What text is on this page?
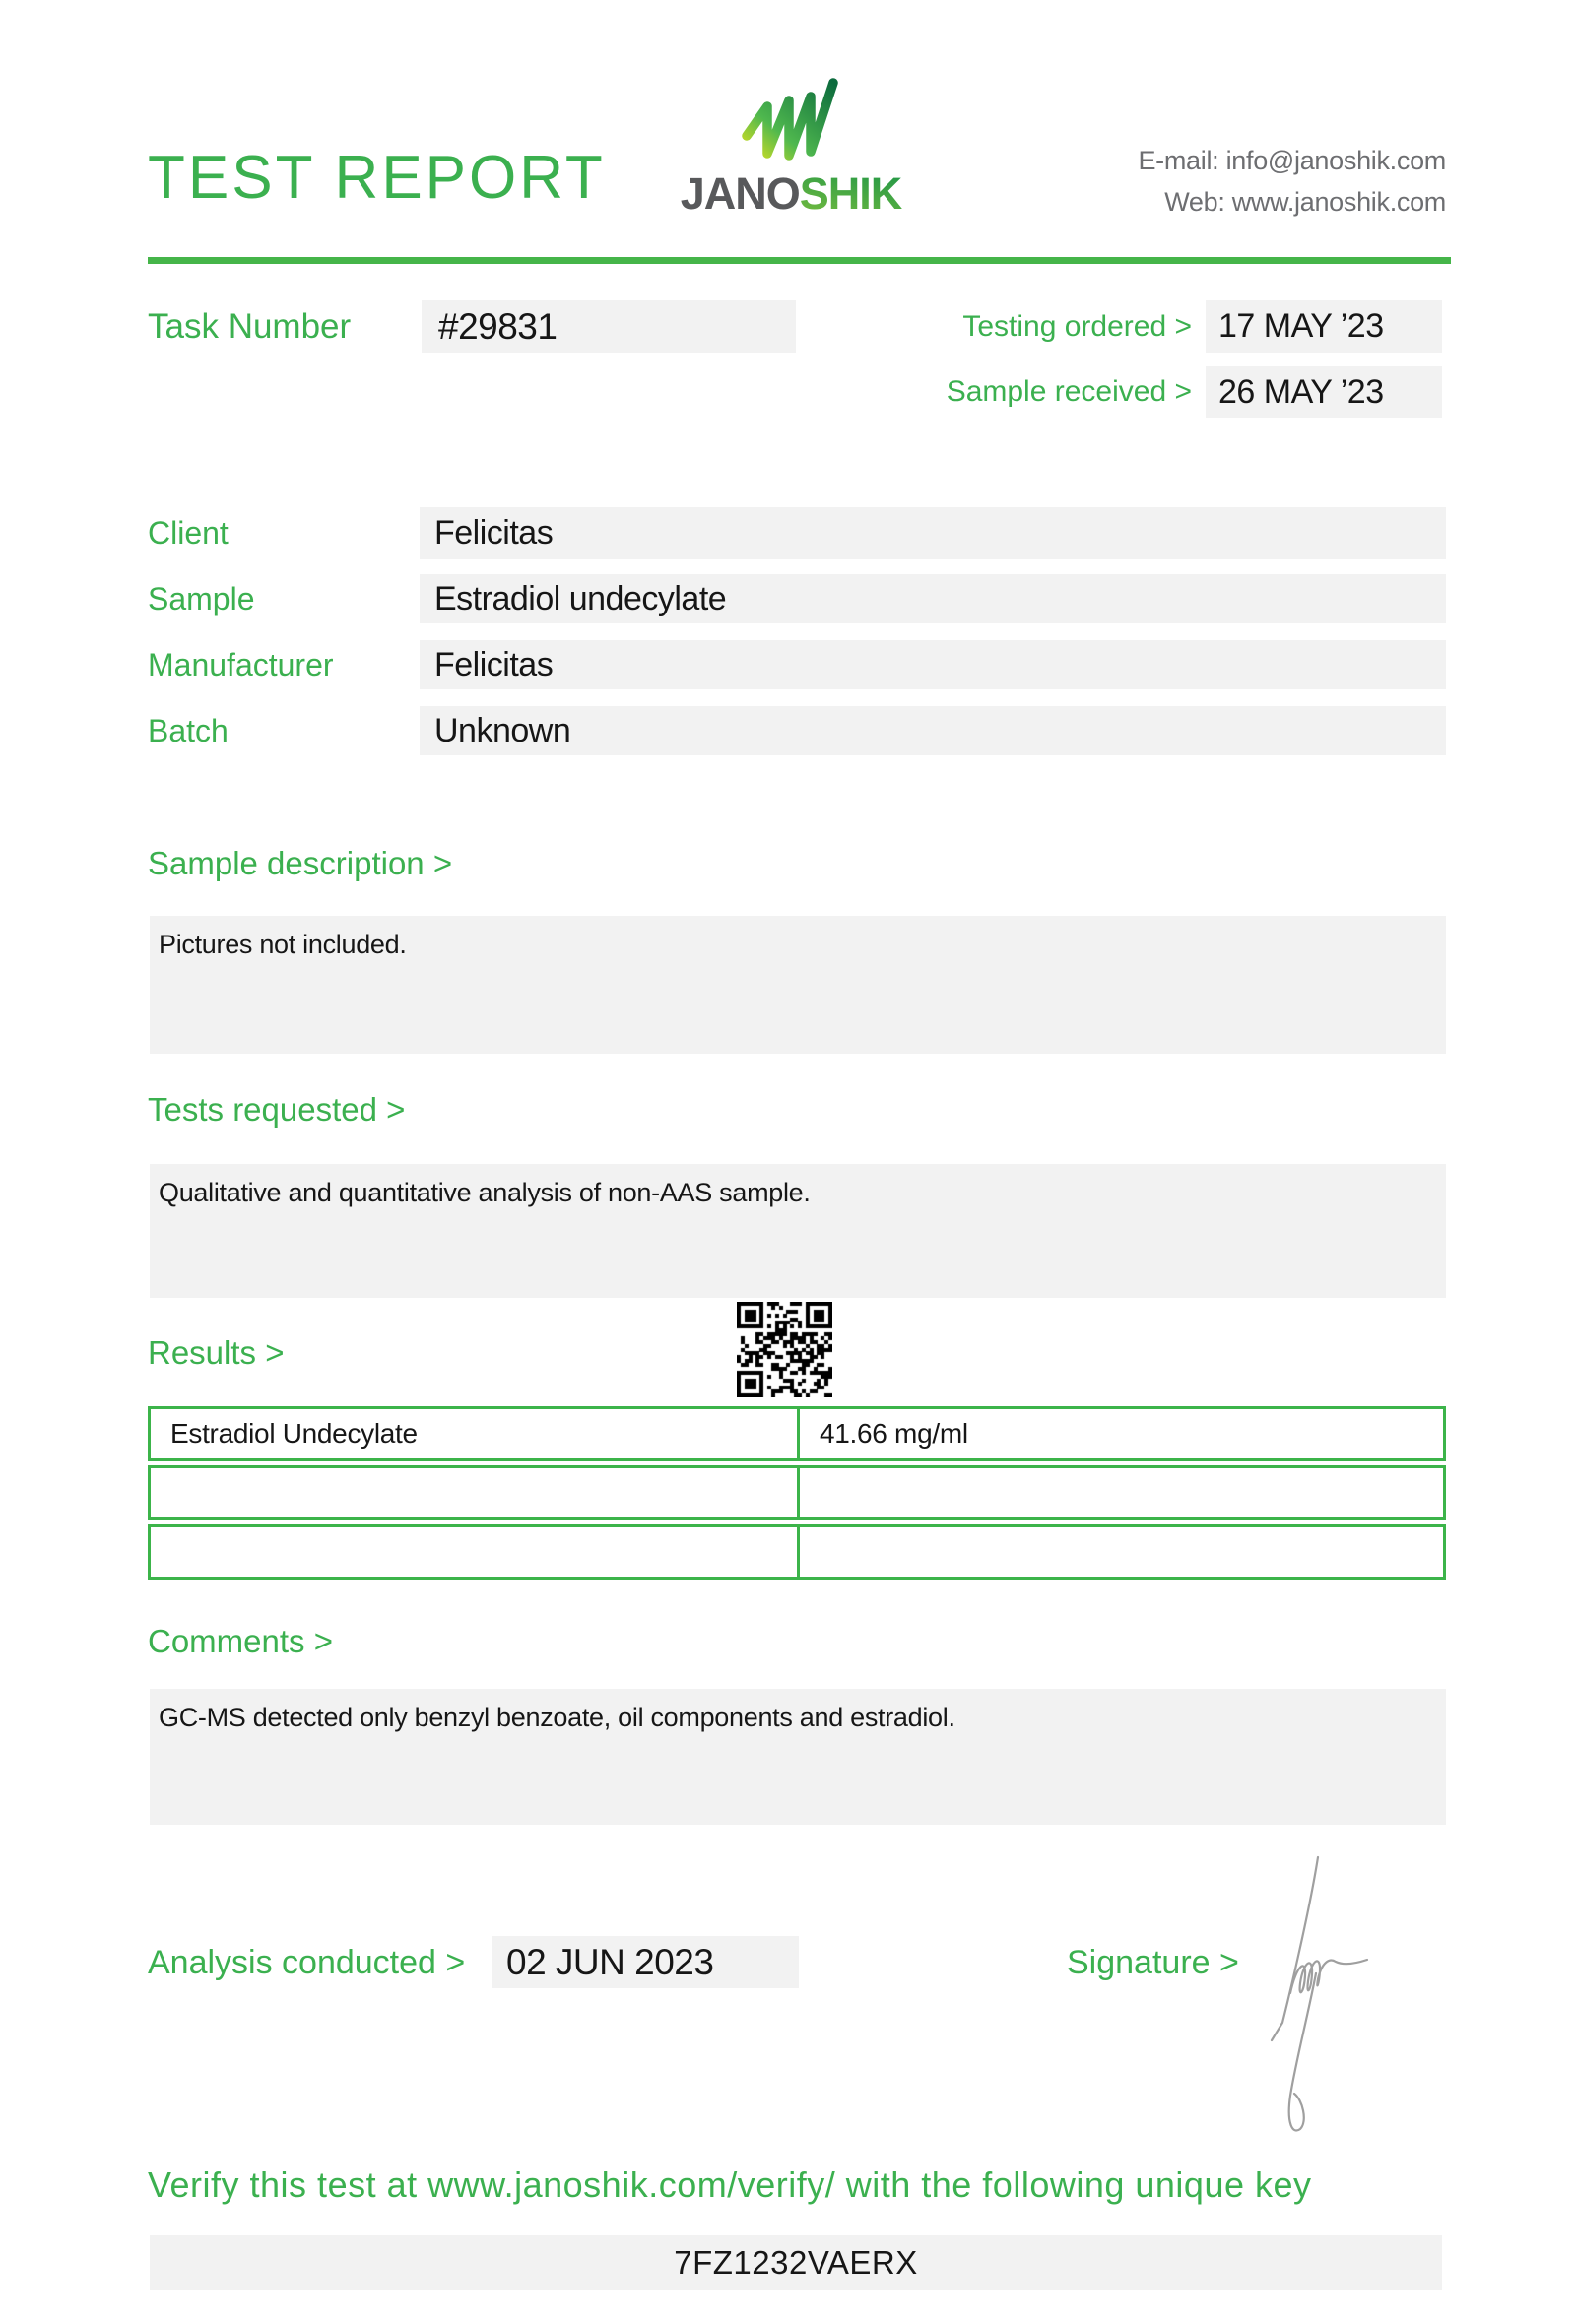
TEST REPORT JANOSHIK
E-mail: info@janoshik.com
Web: www.janoshik.com
Task Number	#29831	Testing ordered > 17 MAY ’23
Sample received > 26 MAY ’23
Client	Felicitas
Sample	Estradiol undecylate
Manufacturer	Felicitas
Batch	Unknown
Sample description >
Pictures not included.
Tests requested >
Qualitative and quantitative analysis of non-AAS sample.
Results >
Estradiol Undecylate	41.66 mg/ml
Comments >
GC-MS detected only benzyl benzoate, oil components and estradiol.
Analysis conducted >	02 JUN 2023	Signature >
Verify this test at www.janoshik.com/verify/ with the following unique key
7FZ1232VAERX
